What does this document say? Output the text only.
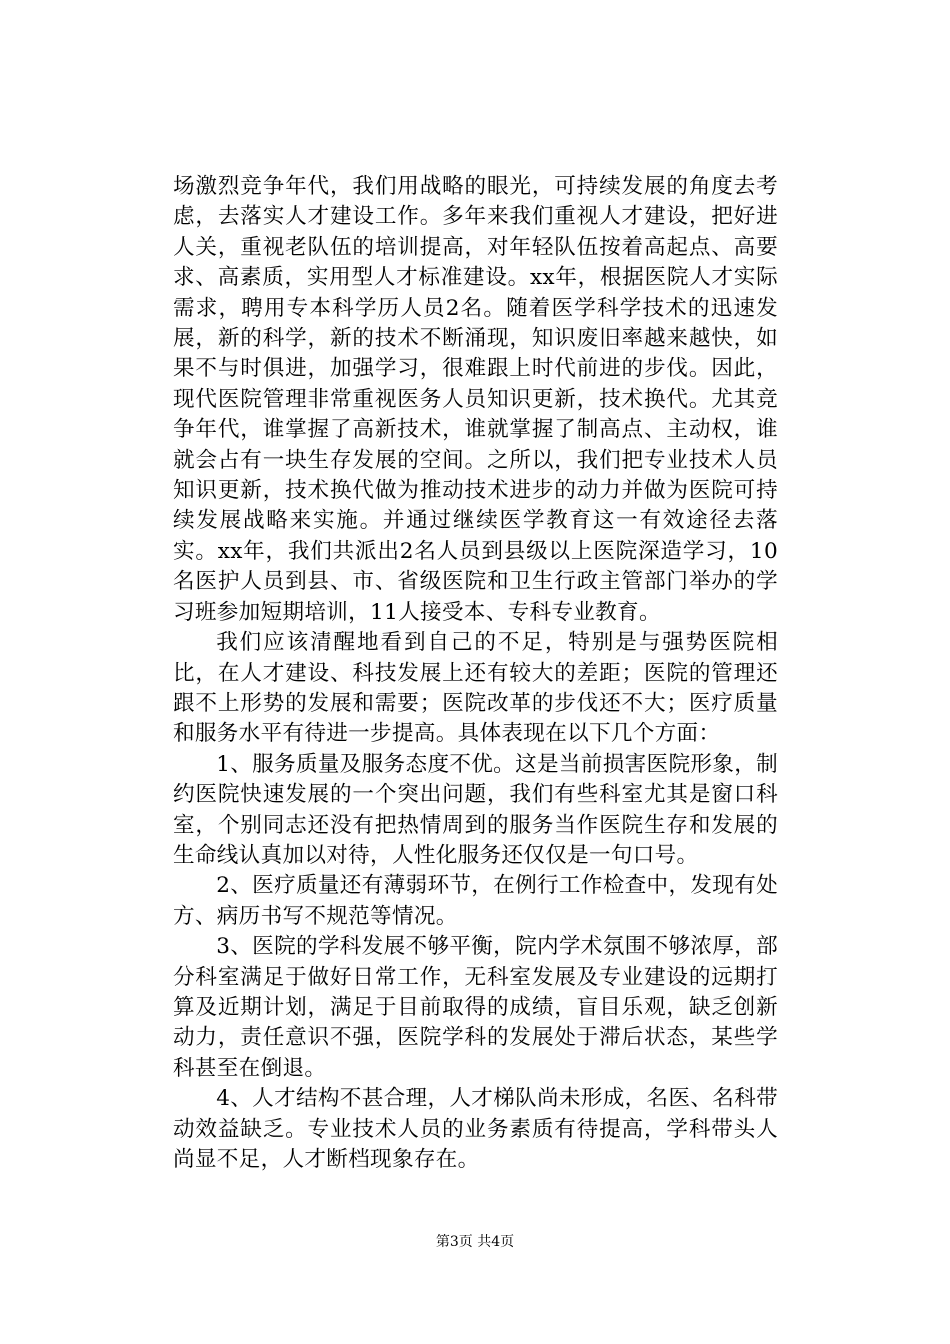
场激烈竞争年代，我们用战略的眼光，可持续发展的角度去考虑，去落实人才建设工作。多年来我们重视人才建设，把好进人关，重视老队伍的培训提高，对年轻队伍按着高起点、高要求、高素质，实用型人才标准建设。xx年，根据医院人才实际需求，聘用专本科学历人员2名。随着医学科学技术的迅速发展，新的科学，新的技术不断涌现，知识废旧率越来越快，如果不与时俱进，加强学习，很难跟上时代前进的步伐。因此，现代医院管理非常重视医务人员知识更新，技术换代。尤其竞争年代，谁掌握了高新技术，谁就掌握了制高点、主动权，谁就会占有一块生存发展的空间。之所以，我们把专业技术人员知识更新，技术换代做为推动技术进步的动力并做为医院可持续发展战略来实施。并通过继续医学教育这一有效途径去落实。xx年，我们共派出2名人员到县级以上医院深造学习，10名医护人员到县、市、省级医院和卫生行政主管部门举办的学习班参加短期培训，11人接受本、专科专业教育。

我们应该清醒地看到自己的不足，特别是与强势医院相比，在人才建设、科技发展上还有较大的差距；医院的管理还跟不上形势的发展和需要；医院改革的步伐还不大；医疗质量和服务水平有待进一步提高。具体表现在以下几个方面：

1、服务质量及服务态度不优。这是当前损害医院形象，制约医院快速发展的一个突出问题，我们有些科室尤其是窗口科室，个别同志还没有把热情周到的服务当作医院生存和发展的生命线认真加以对待，人性化服务还仅仅是一句口号。

2、医疗质量还有薄弱环节，在例行工作检查中，发现有处方、病历书写不规范等情况。

3、医院的学科发展不够平衡，院内学术氛围不够浓厚，部分科室满足于做好日常工作，无科室发展及专业建设的远期打算及近期计划，满足于目前取得的成绩，盲目乐观，缺乏创新动力，责任意识不强，医院学科的发展处于滞后状态，某些学科甚至在倒退。

4、人才结构不甚合理，人才梯队尚未形成，名医、名科带动效益缺乏。专业技术人员的业务素质有待提高，学科带头人尚显不足，人才断档现象存在。

第3页 共4页
